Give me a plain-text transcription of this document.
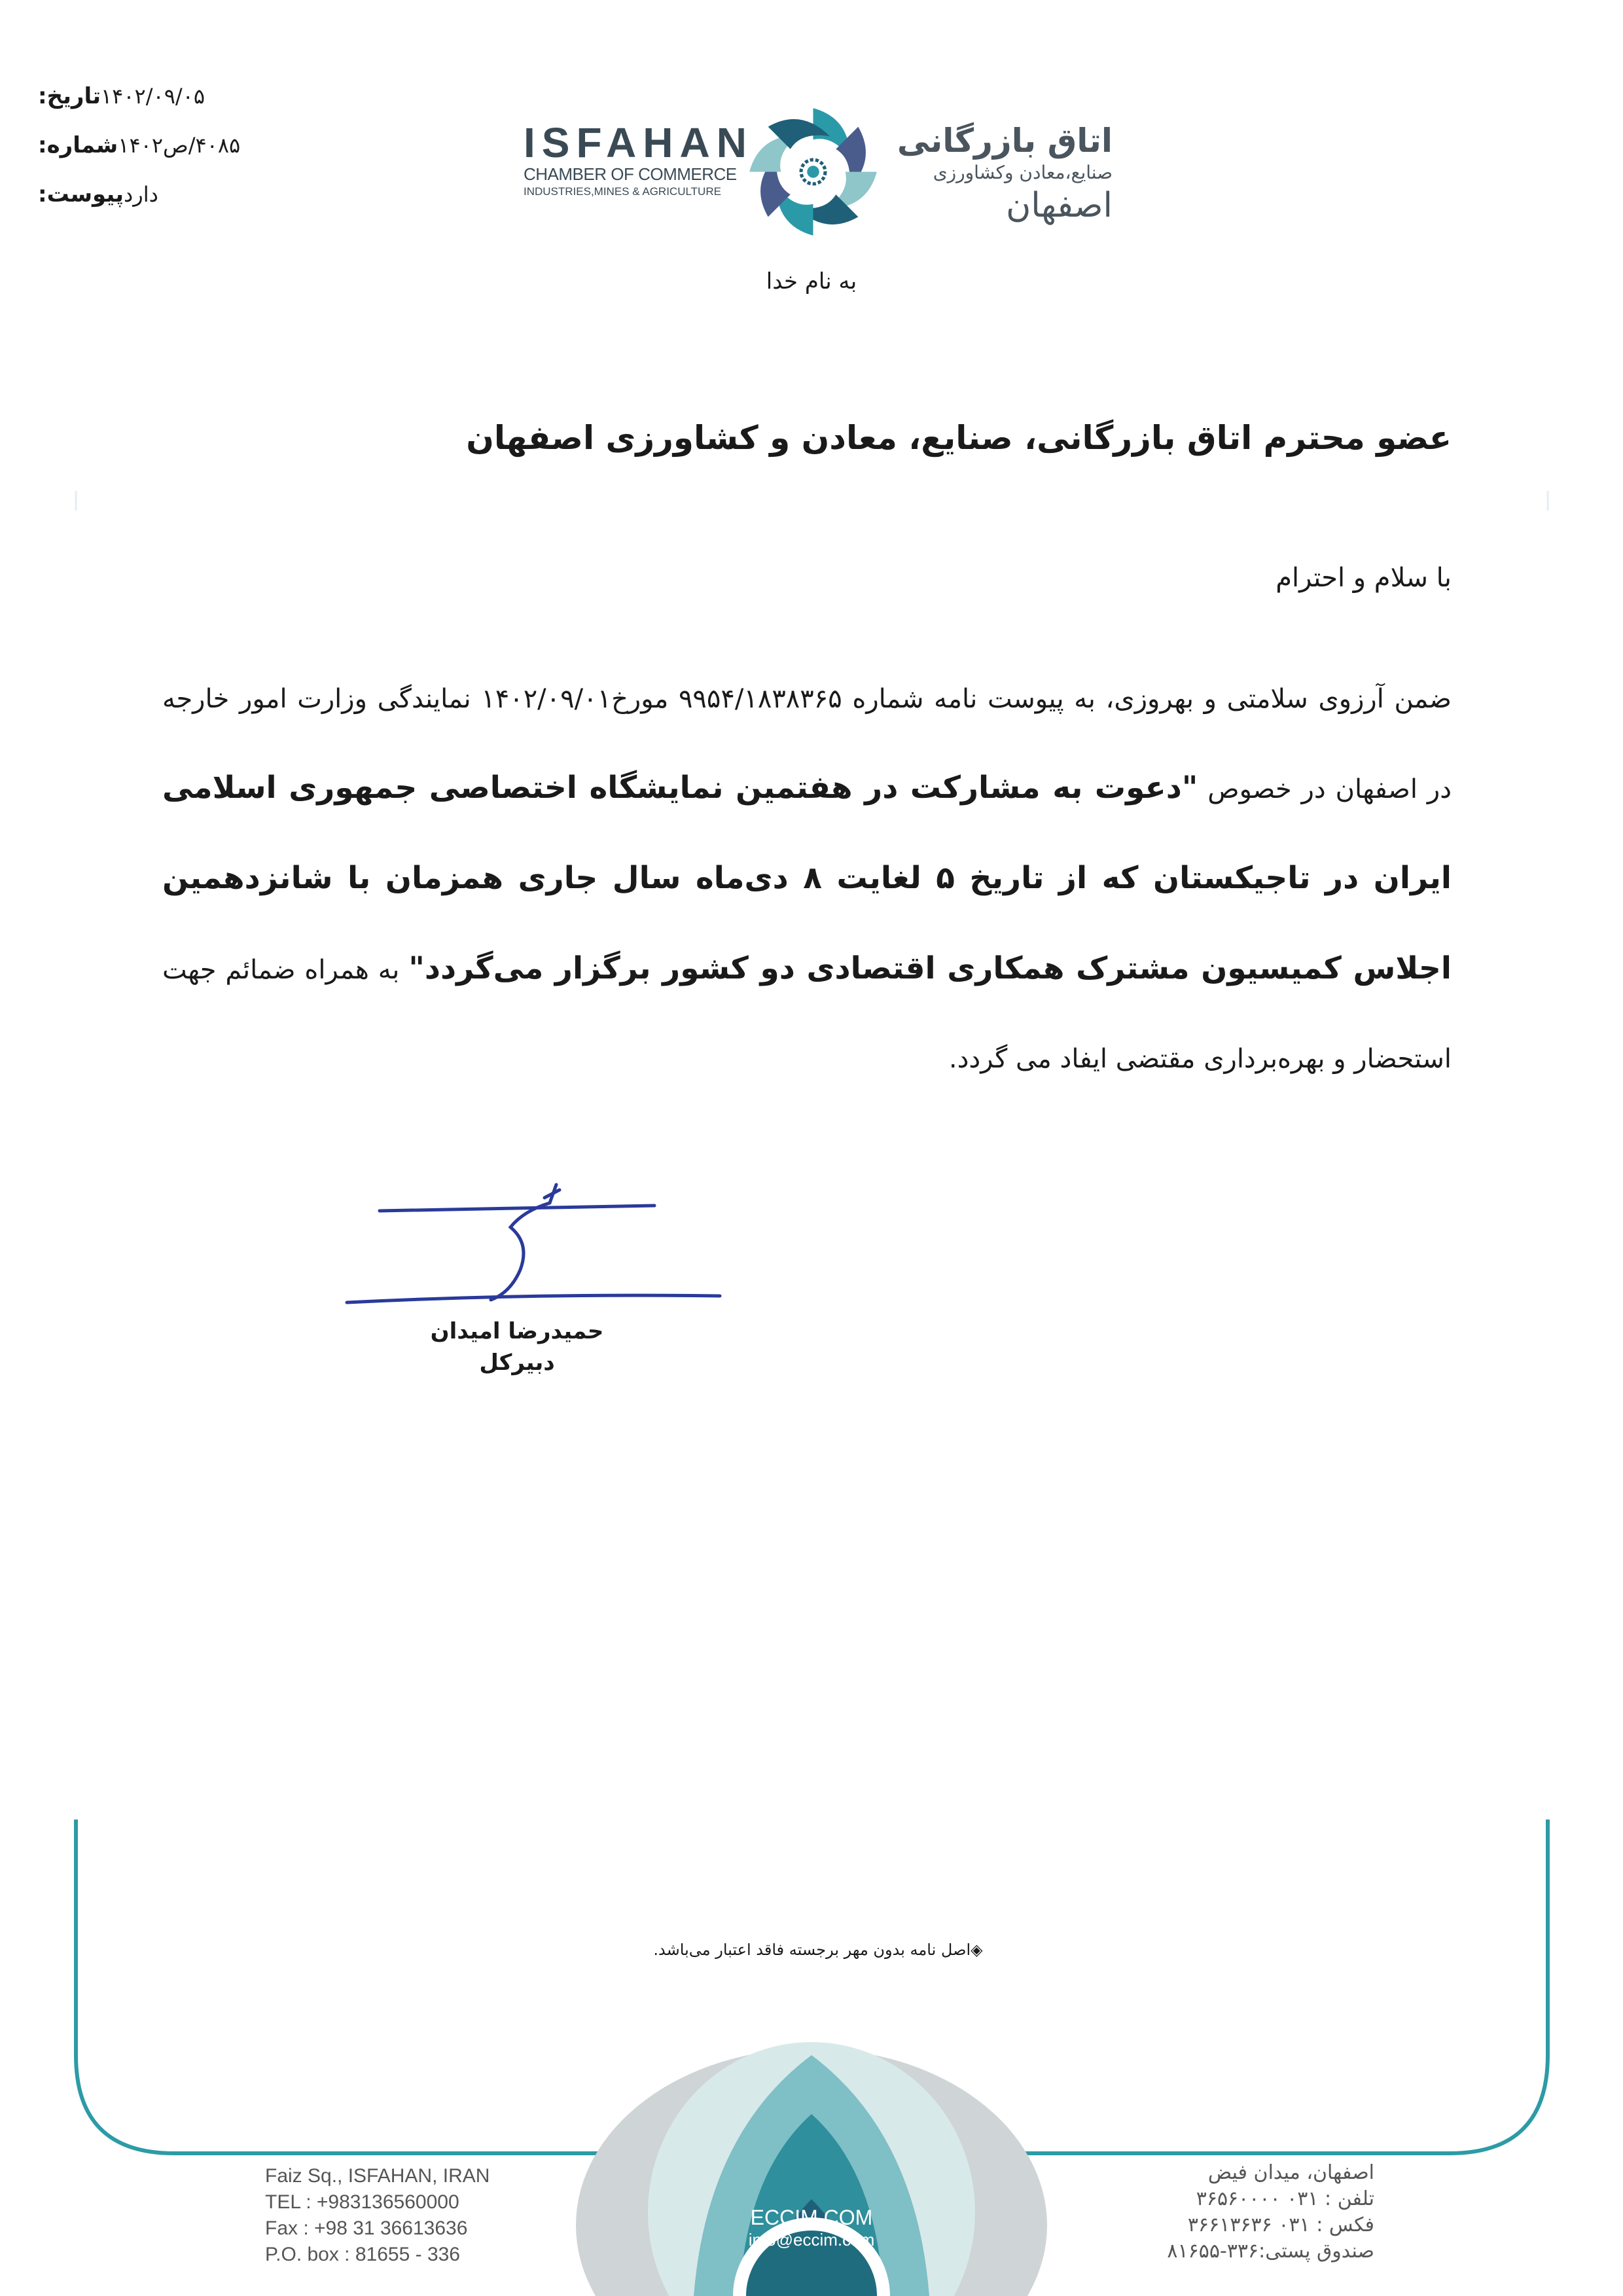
تاریخ: ۱۴۰۲/۰۹/۰۵
شماره: ۴۰۸۵/ص۱۴۰۲
پیوست: دارد
ISFAHAN
CHAMBER OF COMMERCE
INDUSTRIES,MINES & AGRICULTURE
اتاق بازرگانی
صنایع،معادن وکشاورزی
اصفهان
به نام خدا
عضو محترم اتاق بازرگانی، صنایع، معادن و کشاورزی اصفهان
با سلام و احترام
ضمن آرزوی سلامتی و بهروزی، به پیوست نامه شماره ۹۹۵۴/۱۸۳۸۳۶۵ مورخ۱۴۰۲/۰۹/۰۱ نمایندگی وزارت امور خارجه در اصفهان در خصوص "دعوت به مشارکت در هفتمین نمایشگاه اختصاصی جمهوری اسلامی ایران در تاجیکستان که از تاریخ ۵ لغایت ۸ دی‌ماه سال جاری همزمان با شانزدهمین اجلاس کمیسیون مشترک همکاری اقتصادی دو کشور برگزار می‌گردد" به همراه ضمائم جهت استحضار و بهره‌برداری مقتضی ایفاد می گردد.
حمیدرضا امیدان
دبیرکل
◈اصل نامه بدون مهر برجسته فاقد اعتبار می‌باشد.
Faiz Sq., ISFAHAN, IRAN
TEL : +983136560000
Fax : +98 31 36613636
P.O. box : 81655 - 336
ECCIM.COM
info@eccim.com
اصفهان، میدان فیض
تلفن : ۰۳۱ ۳۶۵۶۰۰۰۰
فکس : ۰۳۱ ۳۶۶۱۳۶۳۶
صندوق پستی:۳۳۶-۸۱۶۵۵
